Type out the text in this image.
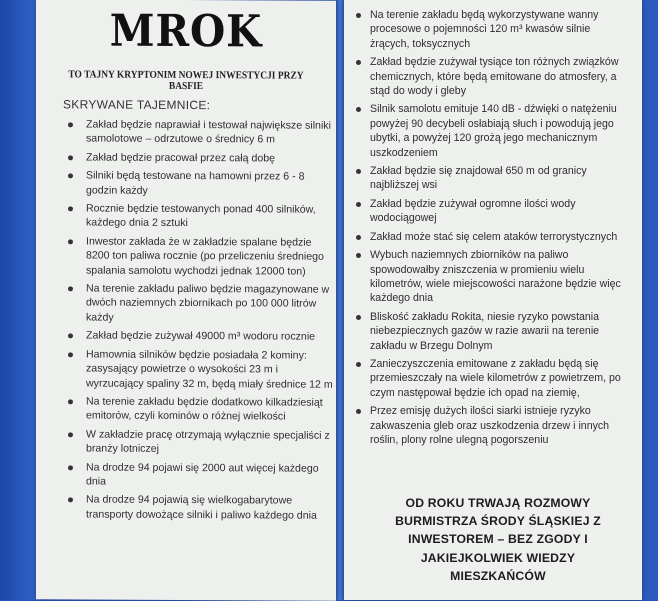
MROK
TO TAJNY KRYPTONIM NOWEJ INWESTYCJI PRZY BASFIE
SKRYWANE TAJEMNICE:
Zakład będzie naprawiał i testował największe silniki samolotowe – odrzutowe o średnicy 6 m
Zakład będzie pracował przez całą dobę
Silniki będą testowane na hamowni przez 6 - 8 godzin każdy
Rocznie będzie testowanych ponad 400 silników, każdego dnia 2 sztuki
Inwestor zakłada że w zakładzie spalane będzie 8200 ton paliwa rocznie (po przeliczeniu średniego spalania samolotu wychodzi jednak 12000 ton)
Na terenie zakładu paliwo będzie magazynowane w dwóch naziemnych zbiornikach po 100 000 litrów każdy
Zakład będzie zużywał 49000 m³ wodoru rocznie
Hamownia silników będzie posiadała 2 kominy: zasysający powietrze o wysokości 23 m i wyrzucający spaliny 32 m, będą miały średnice 12 m
Na terenie zakładu będzie dodatkowo kilkadziesiąt emitorów, czyli kominów o różnej wielkości
W zakładzie pracę otrzymają wyłącznie specjaliści z branży lotniczej
Na drodze 94 pojawi się 2000 aut więcej każdego dnia
Na drodze 94 pojawią się wielkogabarytowe transporty dowożące silniki i paliwo każdego dnia
Na terenie zakładu będą wykorzystywane wanny procesowe o pojemności 120 m³ kwasów silnie żrących, toksycznych
Zakład będzie zużywał tysiące ton różnych związków chemicznych, które będą emitowane do atmosfery, a stąd do wody i gleby
Silnik samolotu emituje 140 dB - dźwięki o natężeniu powyżej 90 decybeli osłabiają słuch i powodują jego ubytki, a powyżej 120 grożą jego mechanicznym uszkodzeniem
Zakład będzie się znajdował 650 m od granicy najbliższej wsi
Zakład będzie zużywał ogromne ilości wody wodociągowej
Zakład może stać się celem ataków terrorystycznych
Wybuch naziemnych zbiorników na paliwo spowodowałby zniszczenia w promieniu wielu kilometrów, wiele miejscowości narażone będzie więc każdego dnia
Bliskość zakładu Rokita, niesie ryzyko powstania niebezpiecznych gazów w razie awarii na terenie zakładu w Brzegu Dolnym
Zanieczyszczenia emitowane z zakładu będą się przemieszczały na wiele kilometrów z powietrzem, po czym następował będzie ich opad na ziemię,
Przez emisję dużych ilości siarki istnieje ryzyko zakwaszenia gleb oraz uszkodzenia drzew i innych roślin, plony rolne ulegną pogorszeniu
OD ROKU TRWAJĄ ROZMOWY BURMISTRZA ŚRODY ŚLĄSKIEJ Z INWESTOREM – BEZ ZGODY I JAKIEJKOLWIEK WIEDZY MIESZKAŃCÓW
